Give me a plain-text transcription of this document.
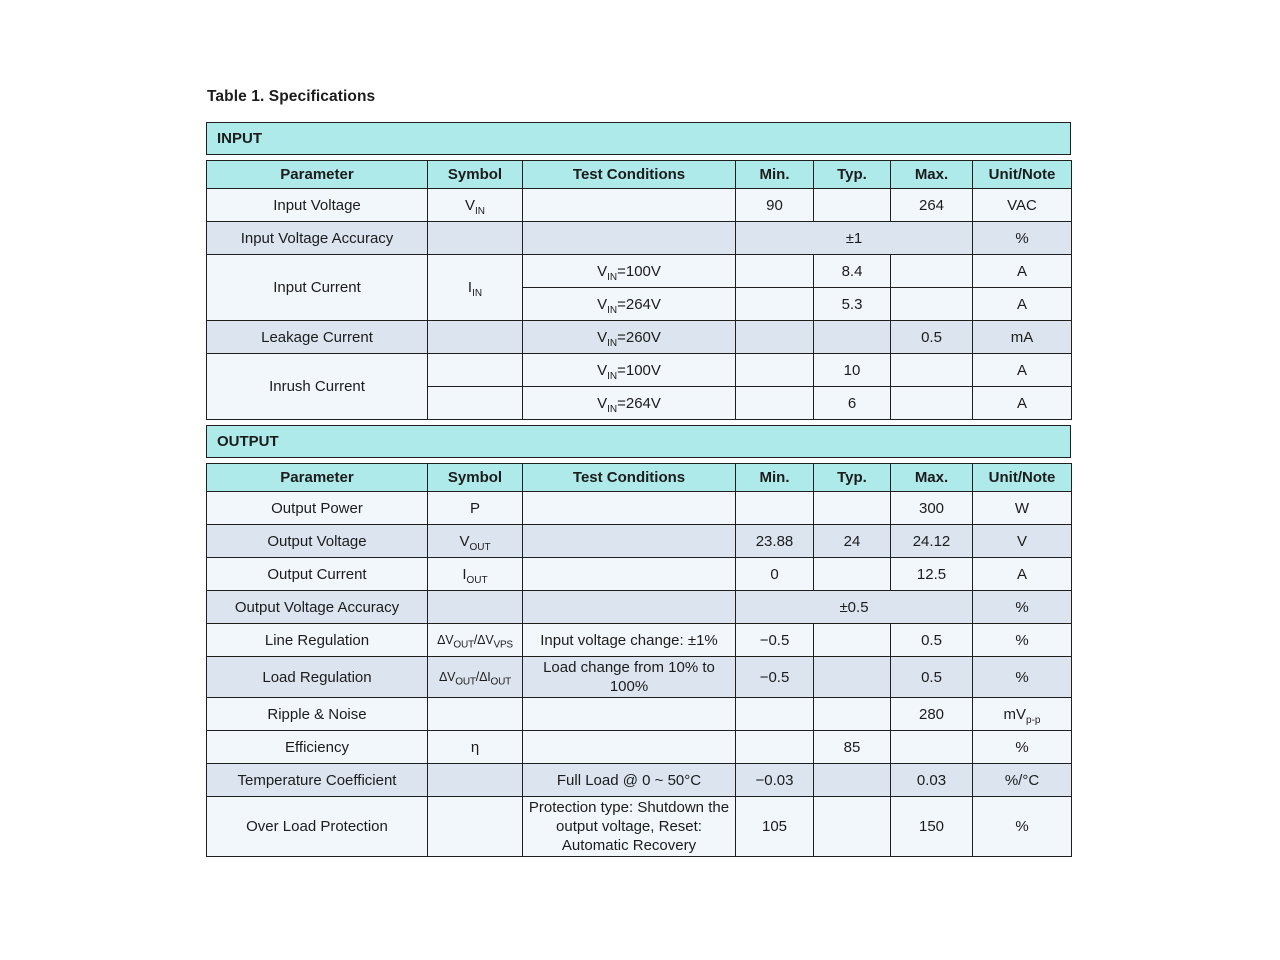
Table 1. Specifications
INPUT
Parameter	Symbol	Test Conditions	Min.	Typ.	Max.	Unit/Note
Input Voltage	$V_{IN}$		90		264	VAC
Input Voltage Accuracy			±1			%
Input Current	$I_{IN}$	$V_{IN}=100V$		8.4		A
		$V_{IN}=264V$		5.3		A
Leakage Current		$V_{IN}=260V$			0.5	mA
Inrush Current		$V_{IN}=100V$		10		A
		$V_{IN}=264V$		6		A
OUTPUT
Parameter	Symbol	Test Conditions	Min.	Typ.	Max.	Unit/Note
Output Power	P				300	W
Output Voltage	$V_{OUT}$		23.88	24	24.12	V
Output Current	$I_{OUT}$		0		12.5	A
Output Voltage Accuracy			±0.5			%
Line Regulation	$\Delta V_{OUT}/\Delta V_{VPS}$	Input voltage change: ±1%	−0.5		0.5	%
Load Regulation	$\Delta V_{OUT}/\Delta I_{OUT}$	Load change from 10% to 100%	−0.5		0.5	%
Ripple & Noise					280	$mV_{p-p}$
Efficiency	η			85		%
Temperature Coefficient		Full Load @ 0 ~ 50°C	−0.03		0.03	%/°C
Over Load Protection		Protection type: Shutdown the output voltage, Reset: Automatic Recovery	105		150	%
